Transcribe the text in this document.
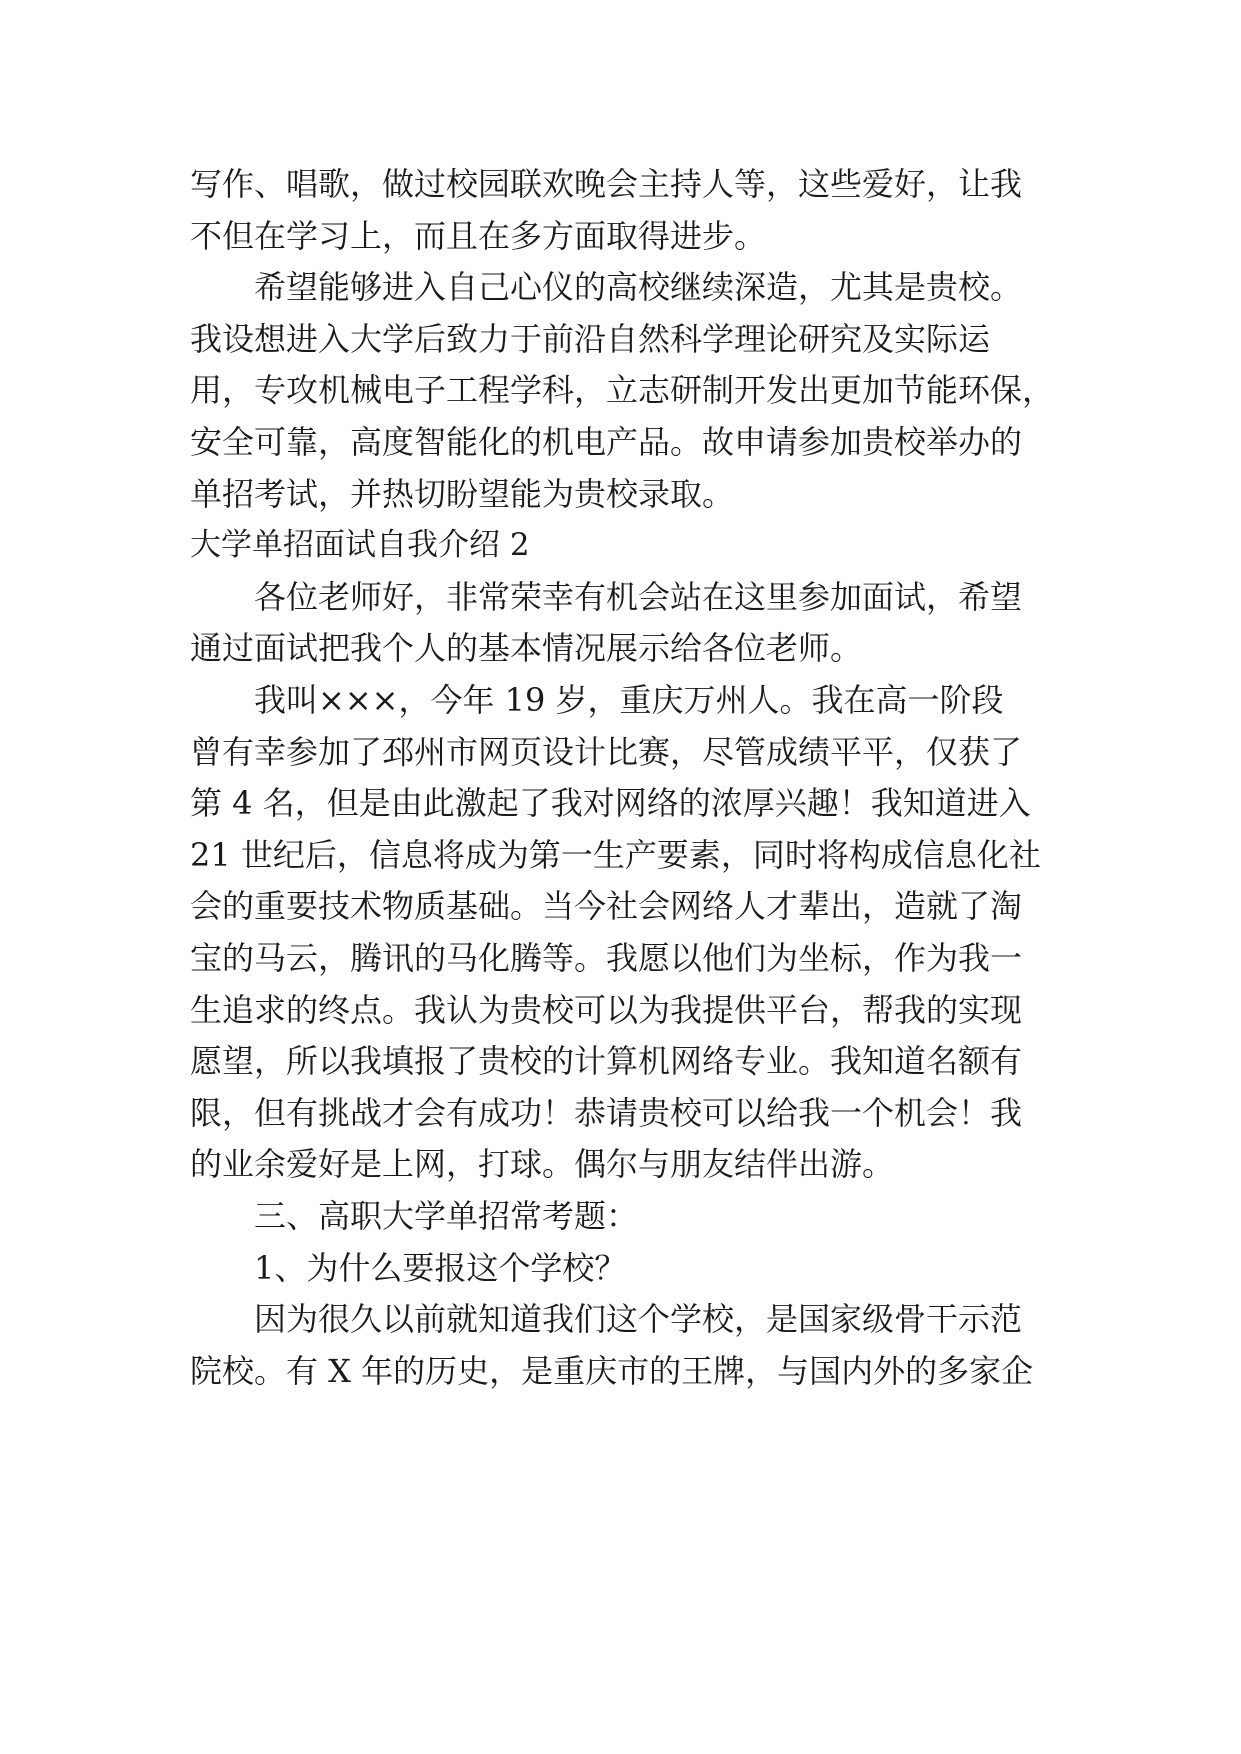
写作、唱歌，做过校园联欢晚会主持人等，这些爱好，让我
不但在学习上，而且在多方面取得进步。
希望能够进入自己心仪的高校继续深造，尤其是贵校。
我设想进入大学后致力于前沿自然科学理论研究及实际运
用，专攻机械电子工程学科，立志研制开发出更加节能环保，
安全可靠，高度智能化的机电产品。故申请参加贵校举办的
单招考试，并热切盼望能为贵校录取。
大学单招面试自我介绍 2
各位老师好，非常荣幸有机会站在这里参加面试，希望
通过面试把我个人的基本情况展示给各位老师。
我叫×××，今年 19 岁，重庆万州人。我在高一阶段
曾有幸参加了邳州市网页设计比赛，尽管成绩平平，仅获了
第 4 名，但是由此激起了我对网络的浓厚兴趣！我知道进入
21 世纪后，信息将成为第一生产要素，同时将构成信息化社
会的重要技术物质基础。当今社会网络人才辈出，造就了淘
宝的马云，腾讯的马化腾等。我愿以他们为坐标，作为我一
生追求的终点。我认为贵校可以为我提供平台，帮我的实现
愿望，所以我填报了贵校的计算机网络专业。我知道名额有
限，但有挑战才会有成功！恭请贵校可以给我一个机会！我
的业余爱好是上网，打球。偶尔与朋友结伴出游。
三、高职大学单招常考题：
1、为什么要报这个学校？
因为很久以前就知道我们这个学校，是国家级骨干示范
院校。有 X 年的历史，是重庆市的王牌，与国内外的多家企
